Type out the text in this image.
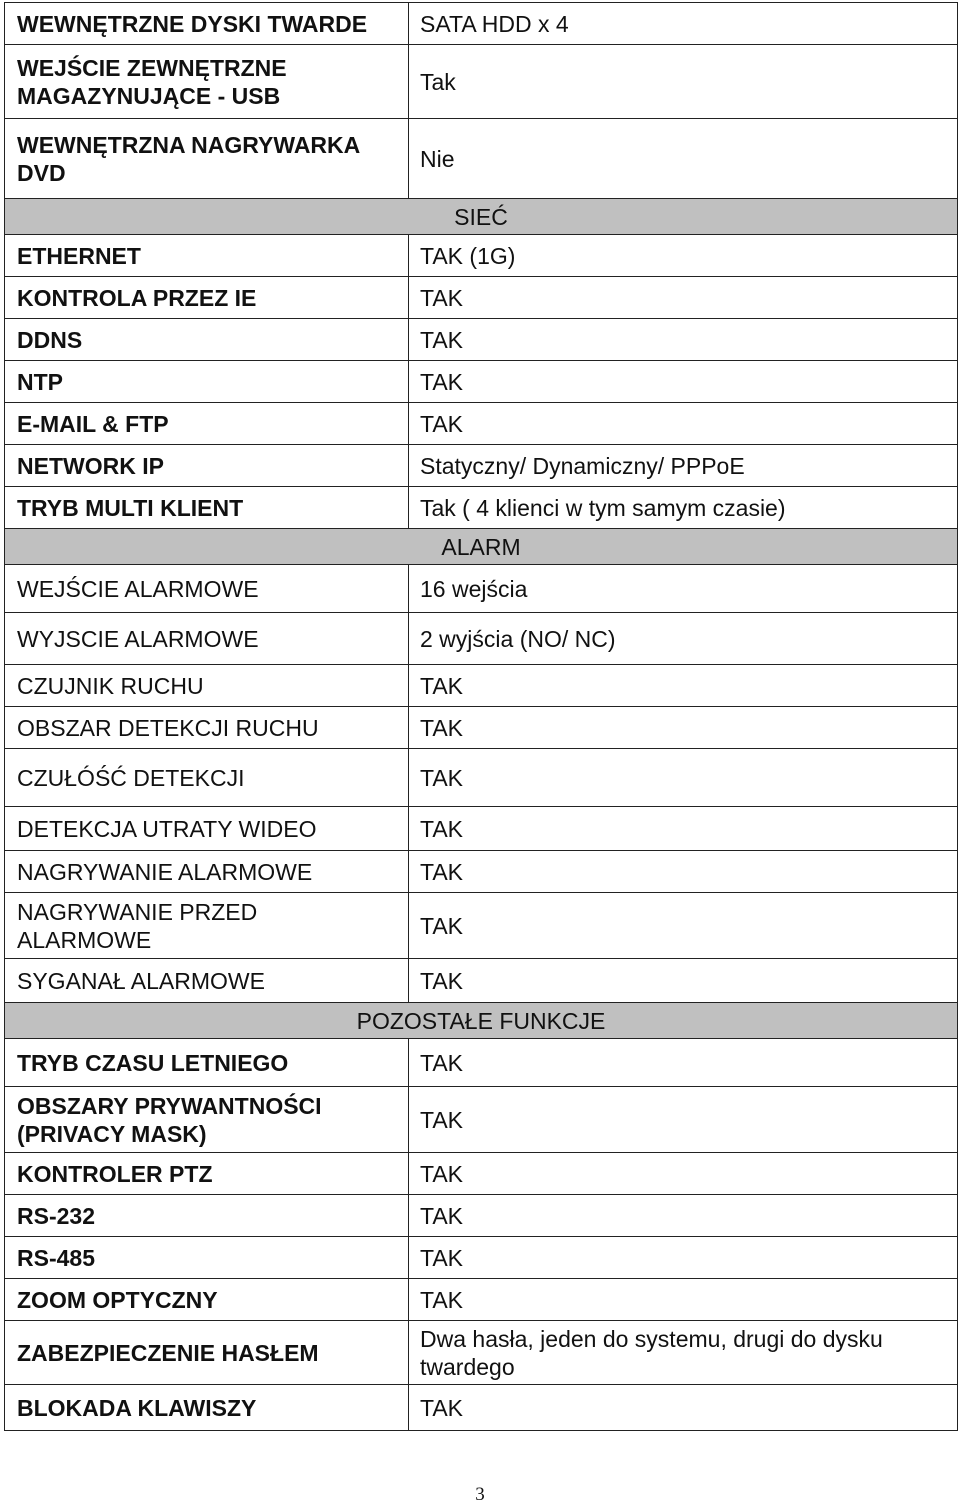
WEWNĘTRZNE DYSKI TWARDE	SATA HDD x 4
WEJŚCIE ZEWNĘTRZNE MAGAZYNUJĄCE - USB	Tak
WEWNĘTRZNA NAGRYWARKA DVD	Nie
SIEĆ	
ETHERNET	TAK (1G)
KONTROLA PRZEZ IE	TAK
DDNS	TAK
NTP	TAK
E-MAIL & FTP	TAK
NETWORK IP	Statyczny/ Dynamiczny/ PPPoE
TRYB MULTI KLIENT	Tak ( 4 klienci w tym samym czasie)
ALARM	
WEJŚCIE ALARMOWE	16 wejścia
WYJSCIE ALARMOWE	2 wyjścia (NO/ NC)
CZUJNIK RUCHU	TAK
OBSZAR DETEKCJI RUCHU	TAK
CZUŁÓŚĆ DETEKCJI	TAK
DETEKCJA UTRATY WIDEO	TAK
NAGRYWANIE ALARMOWE	TAK
NAGRYWANIE PRZED ALARMOWE	TAK
SYGANAŁ ALARMOWE	TAK
POZOSTAŁE FUNKCJE	
TRYB CZASU LETNIEGO	TAK
OBSZARY PRYWANTNOŚCI (PRIVACY MASK)	TAK
KONTROLER PTZ	TAK
RS-232	TAK
RS-485	TAK
ZOOM OPTYCZNY	TAK
ZABEZPIECZENIE HASŁEM	Dwa hasła, jeden do systemu, drugi do dysku twardego
BLOKADA KLAWISZY	TAK
3
